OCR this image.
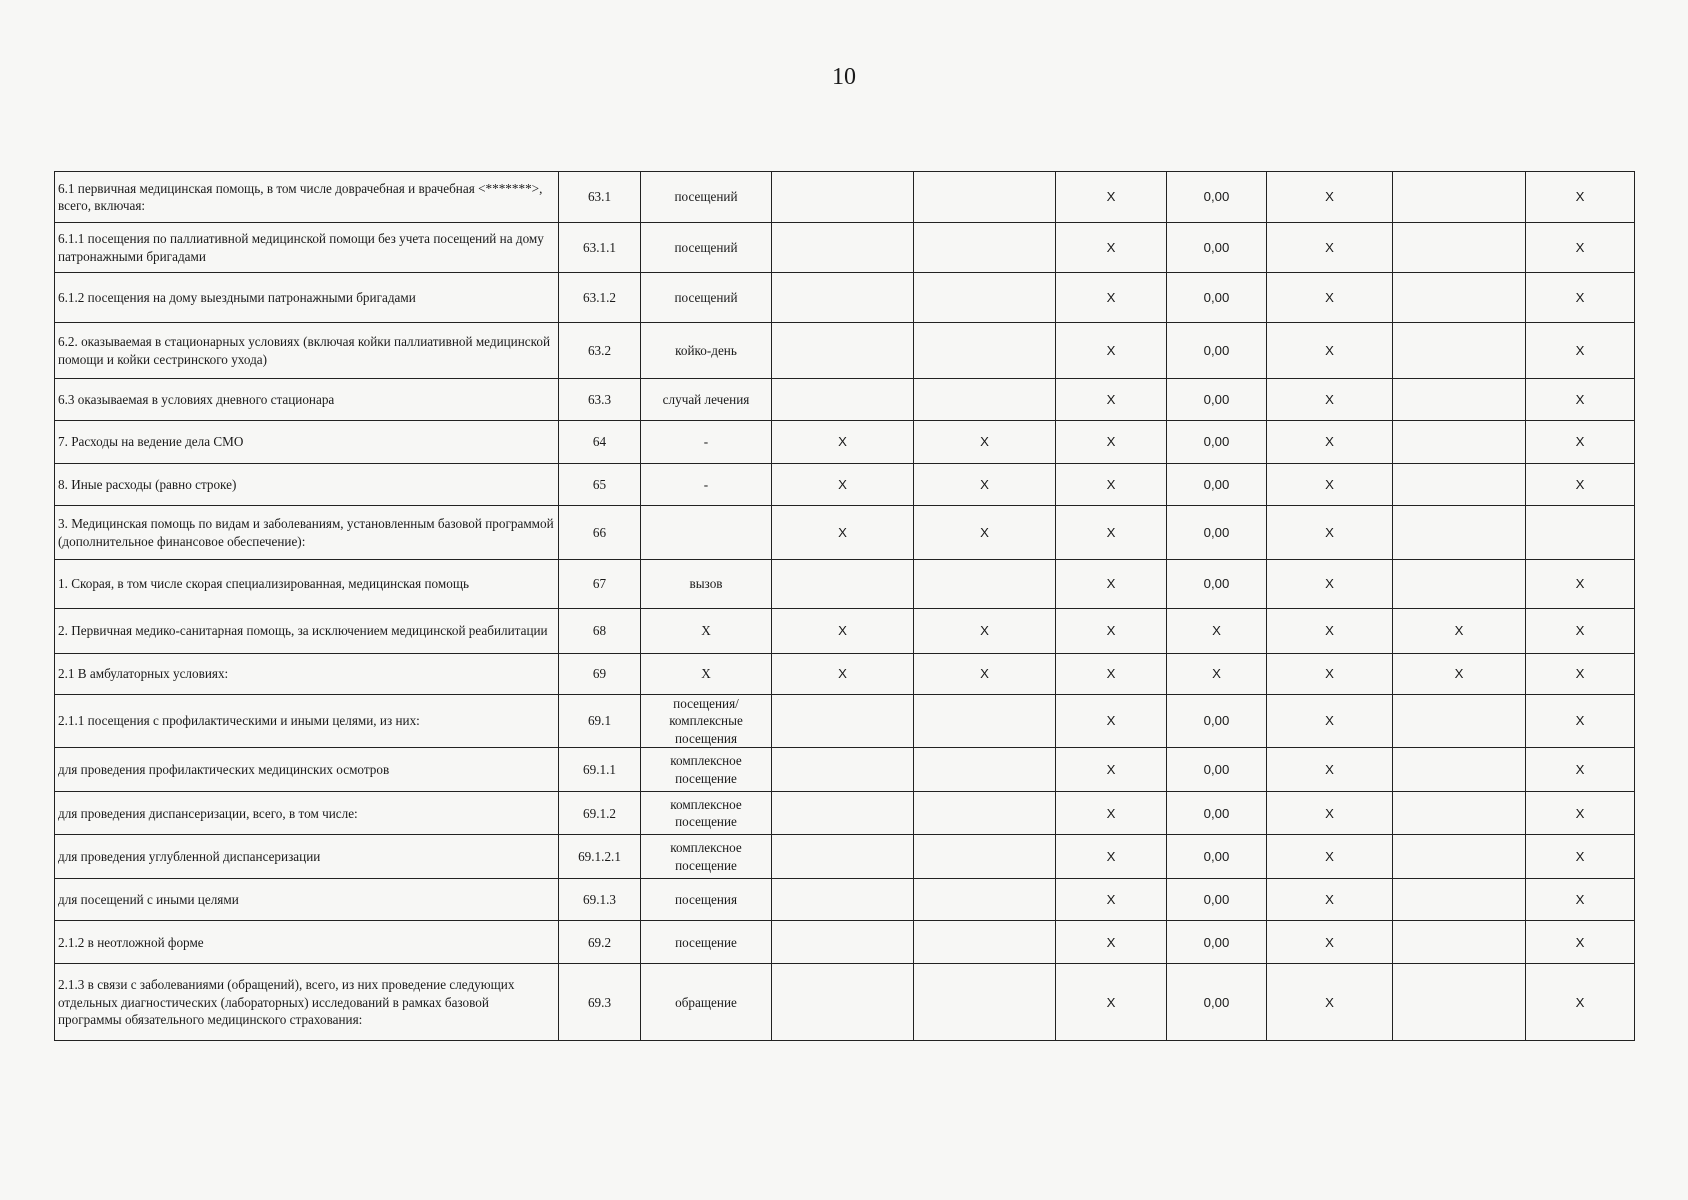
10
6.1 первичная медицинская помощь, в том числе доврачебная и врачебная <*******>, всего, включая:	63.1	посещений			X	0,00	X		X
6.1.1 посещения по паллиативной медицинской помощи без учета посещений на дому патронажными бригадами	63.1.1	посещений			X	0,00	X		X
6.1.2 посещения на дому выездными патронажными бригадами	63.1.2	посещений			X	0,00	X		X
6.2. оказываемая в стационарных условиях (включая койки паллиативной медицинской помощи и койки сестринского ухода)	63.2	койко-день			X	0,00	X		X
6.3 оказываемая в условиях дневного стационара	63.3	случай лечения			X	0,00	X		X
7. Расходы на ведение дела СМО	64	-	X	X	X	0,00	X		X
8. Иные расходы (равно строке)	65	-	X	X	X	0,00	X		X
3. Медицинская помощь по видам и заболеваниям, установленным базовой программой (дополнительное финансовое обеспечение):	66		X	X	X	0,00	X		
1. Скорая, в том числе скорая специализированная, медицинская помощь	67	вызов			X	0,00	X		X
2. Первичная медико-санитарная помощь, за исключением медицинской реабилитации	68	X	X	X	X	X	X	X	X
2.1 В амбулаторных условиях:	69	X	X	X	X	X	X	X	X
2.1.1 посещения с профилактическими и иными целями, из них:	69.1	посещения/ комплексные посещения			X	0,00	X		X
для проведения профилактических медицинских осмотров	69.1.1	комплексное посещение			X	0,00	X		X
для проведения диспансеризации, всего, в том числе:	69.1.2	комплексное посещение			X	0,00	X		X
для проведения углубленной диспансеризации	69.1.2.1	комплексное посещение			X	0,00	X		X
для посещений с иными целями	69.1.3	посещения			X	0,00	X		X
2.1.2 в неотложной форме	69.2	посещение			X	0,00	X		X
2.1.3 в связи с заболеваниями (обращений), всего, из них проведение следующих отдельных диагностических (лабораторных) исследований в рамках базовой программы обязательного медицинского страхования:	69.3	обращение			X	0,00	X		X
